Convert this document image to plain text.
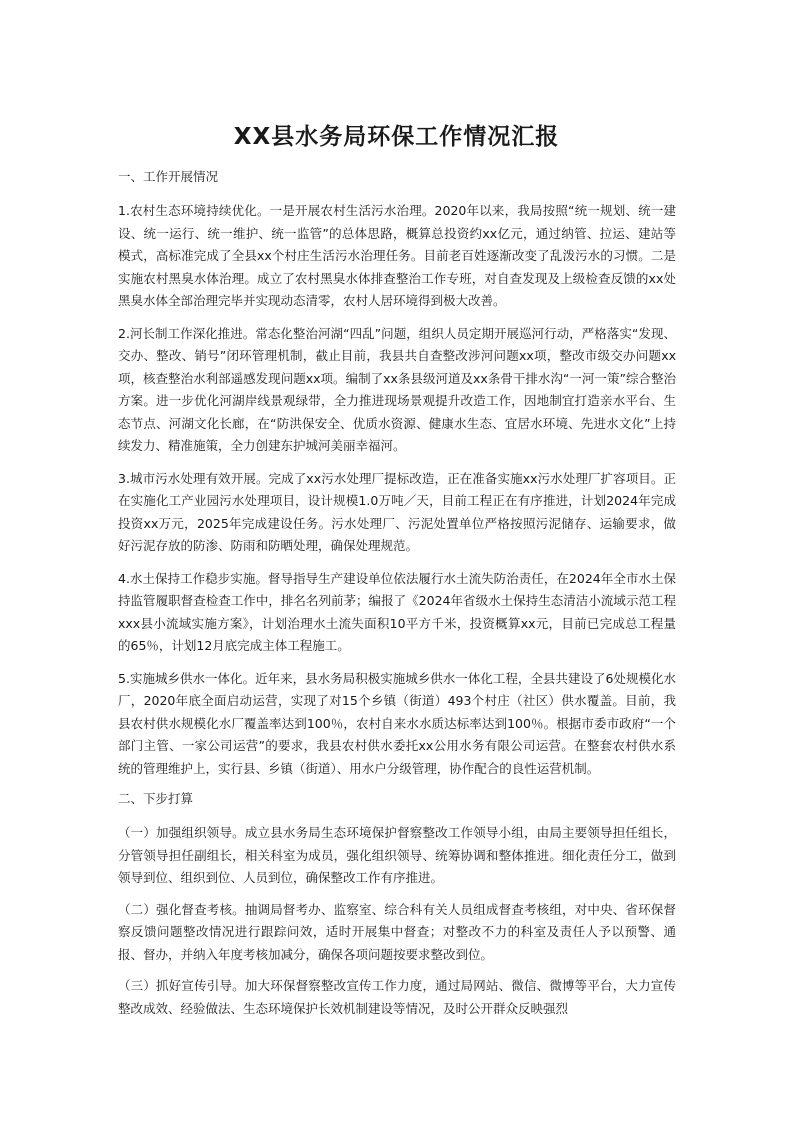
XX县水务局环保工作情况汇报

一、工作开展情况

1.农村生态环境持续优化。一是开展农村生活污水治理。2020年以来，我局按照“统一规划、统一建设、统一运行、统一维护、统一监管”的总体思路，概算总投资约xx亿元，通过纳管、拉运、建站等模式，高标准完成了全县xx个村庄生活污水治理任务。目前老百姓逐渐改变了乱泼污水的习惯。二是实施农村黑臭水体治理。成立了农村黑臭水体排查整治工作专班，对自查发现及上级检查反馈的xx处黑臭水体全部治理完毕并实现动态清零，农村人居环境得到极大改善。

2.河长制工作深化推进。常态化整治河湖“四乱”问题，组织人员定期开展巡河行动，严格落实“发现、交办、整改、销号”闭环管理机制，截止目前，我县共自查整改涉河问题xx项，整改市级交办问题xx项，核查整治水利部遥感发现问题xx项。编制了xx条县级河道及xx条骨干排水沟“一河一策”综合整治方案。进一步优化河湖岸线景观绿带，全力推进现场景观提升改造工作，因地制宜打造亲水平台、生态节点、河湖文化长廊，在“防洪保安全、优质水资源、健康水生态、宜居水环境、先进水文化”上持续发力、精准施策，全力创建东护城河美丽幸福河。

3.城市污水处理有效开展。完成了xx污水处理厂提标改造，正在准备实施xx污水处理厂扩容项目。正在实施化工产业园污水处理项目，设计规模1.0万吨／天，目前工程正在有序推进，计划2024年完成投资xx万元，2025年完成建设任务。污水处理厂、污泥处置单位严格按照污泥储存、运输要求，做好污泥存放的防渗、防雨和防晒处理，确保处理规范。

4.水土保持工作稳步实施。督导指导生产建设单位依法履行水土流失防治责任，在2024年全市水土保持监管履职督查检查工作中，排名名列前茅；编报了《2024年省级水土保持生态清洁小流域示范工程xxx县小流域实施方案》，计划治理水土流失面积10平方千米，投资概算xx元，目前已完成总工程量的65％，计划12月底完成主体工程施工。

5.实施城乡供水一体化。近年来，县水务局积极实施城乡供水一体化工程，全县共建设了6处规模化水厂，2020年底全面启动运营，实现了对15个乡镇（街道）493个村庄（社区）供水覆盖。目前，我县农村供水规模化水厂覆盖率达到100％，农村自来水水质达标率达到100％。根据市委市政府“一个部门主管、一家公司运营”的要求，我县农村供水委托xx公用水务有限公司运营。在整套农村供水系统的管理维护上，实行县、乡镇（街道）、用水户分级管理，协作配合的良性运营机制。

二、下步打算

（一）加强组织领导。成立县水务局生态环境保护督察整改工作领导小组，由局主要领导担任组长，分管领导担任副组长，相关科室为成员，强化组织领导、统筹协调和整体推进。细化责任分工，做到领导到位、组织到位、人员到位，确保整改工作有序推进。

（二）强化督查考核。抽调局督考办、监察室、综合科有关人员组成督查考核组，对中央、省环保督察反馈问题整改情况进行跟踪问效，适时开展集中督查；对整改不力的科室及责任人予以预警、通报、督办，并纳入年度考核加减分，确保各项问题按要求整改到位。

（三）抓好宣传引导。加大环保督察整改宣传工作力度，通过局网站、微信、微博等平台，大力宣传整改成效、经验做法、生态环境保护长效机制建设等情况，及时公开群众反映强烈
